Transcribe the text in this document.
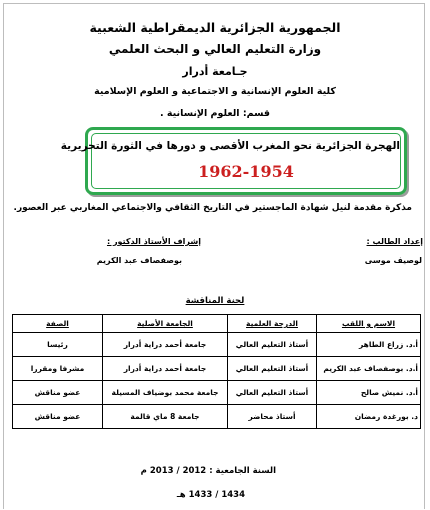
الجمهورية الجزائرية الديمقراطية الشعبية
وزارة التعليم العالي و البحث العلمي
جـامعة أدرار
كلية العلوم الإنسانية و الاجتماعية و العلوم الإسلامية
قسم: العلوم الإنسانية .
الهجرة الجزائرية نحو المغرب الأقصى و دورها في الثورة التحريرية
1962-1954
مذكرة مقدمة لنيل شهادة الماجستير في التاريخ الثقافي والاجتماعي المغاربي عبر العصور.
إعداد الطالب :
إشراف الأستاذ الدكتور :
لوصيف موسى
بوصفصاف عبد الكريم
لجنة المناقشة
الاسم و اللقب	الدرجة العلمية	الجامعة الأصلية	الصفة
أ.د. زراع الطاهر	أستاذ التعليم العالي	جامعة أحمد دراية أدرار	رئيسا
أ.د. بوصفصاف عبد الكريم	أستاذ التعليم العالي	جامعة أحمد دراية أدرار	مشرفا ومقررا
أ.د. نميش صالح	أستاذ التعليم العالي	جامعة محمد بوضياف المسيلة	عضو مناقش
د. بورغدة رمضان	أستاذ محاضر	جامعة 8 ماي قالمة	عضو مناقش
السنة الجامعية : 2012 / 2013 م
1434 / 1433 هـ
